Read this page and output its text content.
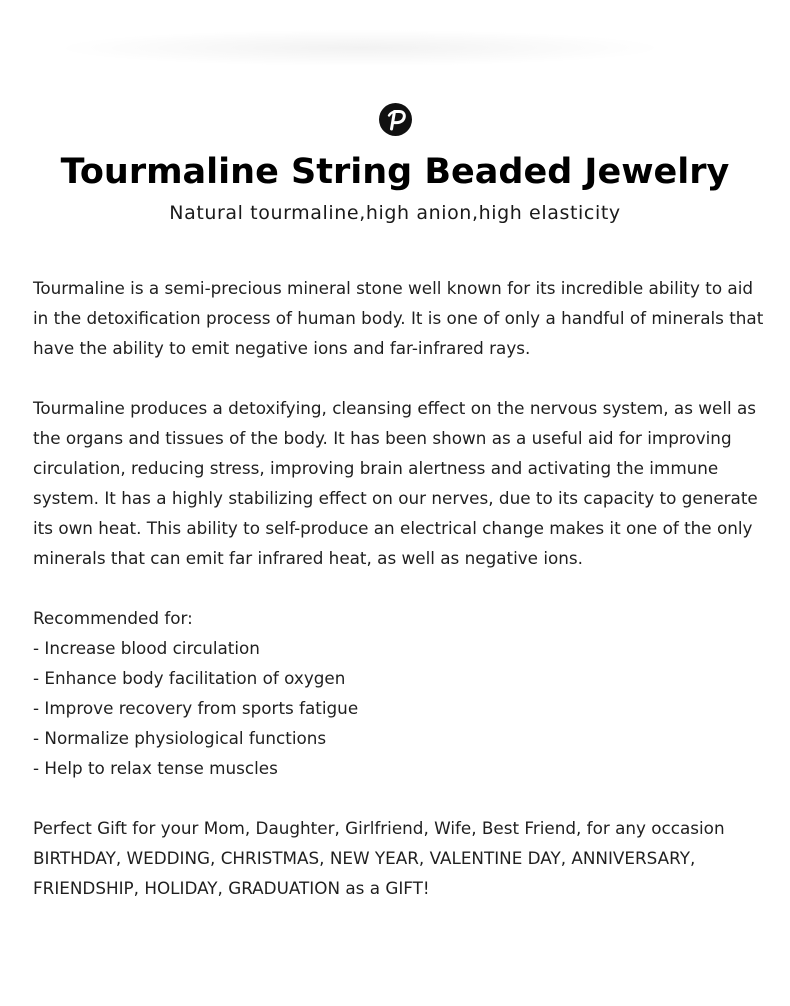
Tourmaline String Beaded Jewelry
Natural tourmaline,high anion,high elasticity

Tourmaline is a semi-precious mineral stone well known for its incredible ability to aid in the detoxification process of human body. It is one of only a handful of minerals that have the ability to emit negative ions and far-infrared rays.

Tourmaline produces a detoxifying, cleansing effect on the nervous system, as well as the organs and tissues of the body. It has been shown as a useful aid for improving circulation, reducing stress, improving brain alertness and activating the immune system. It has a highly stabilizing effect on our nerves, due to its capacity to generate its own heat. This ability to self-produce an electrical change makes it one of the only minerals that can emit far infrared heat, as well as negative ions.

Recommended for:
- Increase blood circulation
- Enhance body facilitation of oxygen
- Improve recovery from sports fatigue
- Normalize physiological functions
- Help to relax tense muscles
Perfect Gift for your Mom, Daughter, Girlfriend, Wife, Best Friend, for any occasion
BIRTHDAY, WEDDING, CHRISTMAS, NEW YEAR, VALENTINE DAY, ANNIVERSARY,
FRIENDSHIP, HOLIDAY, GRADUATION as a GIFT!
